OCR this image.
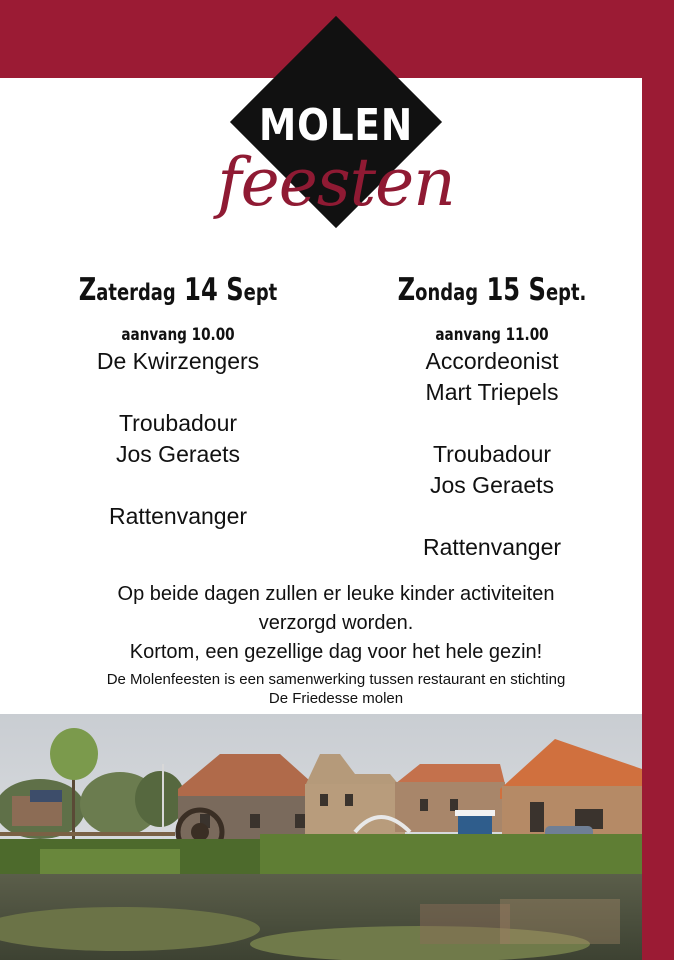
MOLEN
feesten
Zaterdag 14 Sept
aanvang 10.00
De Kwirzengers
Troubadour
Jos Geraets
Rattenvanger
Zondag 15 Sept.
aanvang 11.00
Accordeonist
Mart Triepels
Troubadour
Jos Geraets
Rattenvanger
Op beide dagen zullen er leuke kinder activiteiten
verzorgd worden.
Kortom, een gezellige dag voor het hele gezin!
De Molenfeesten is een samenwerking tussen restaurant en stichting
De Friedesse molen
